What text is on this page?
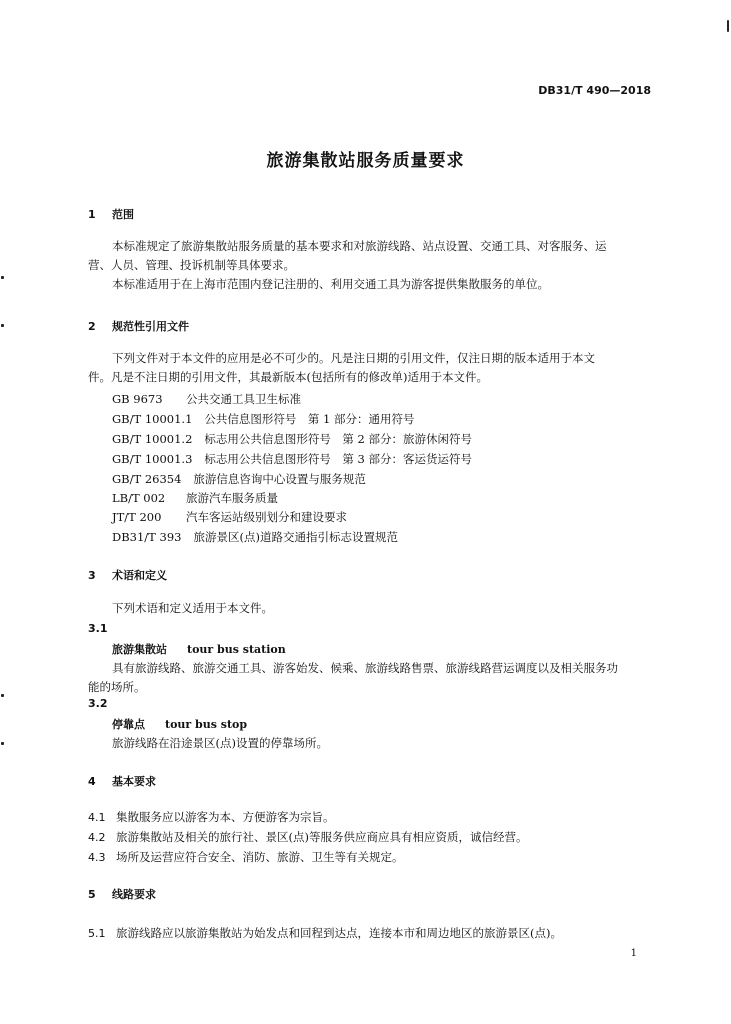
DB31/T 490—2018
旅游集散站服务质量要求
1 范围
本标准规定了旅游集散站服务质量的基本要求和对旅游线路、站点设置、交通工具、对客服务、运
营、人员、管理、投诉机制等具体要求。
本标准适用于在上海市范围内登记注册的、利用交通工具为游客提供集散服务的单位。
2 规范性引用文件
下列文件对于本文件的应用是必不可少的。凡是注日期的引用文件，仅注日期的版本适用于本文
件。凡是不注日期的引用文件，其最新版本(包括所有的修改单)适用于本文件。
GB 9673 公共交通工具卫生标准
GB/T 10001.1 公共信息图形符号　第 1 部分：通用符号
GB/T 10001.2 标志用公共信息图形符号　第 2 部分：旅游休闲符号
GB/T 10001.3 标志用公共信息图形符号　第 3 部分：客运货运符号
GB/T 26354 旅游信息咨询中心设置与服务规范
LB/T 002 旅游汽车服务质量
JT/T 200 汽车客运站级别划分和建设要求
DB31/T 393 旅游景区(点)道路交通指引标志设置规范
3 术语和定义
下列术语和定义适用于本文件。
3.1
旅游集散站 tour bus station
具有旅游线路、旅游交通工具、游客始发、候乘、旅游线路售票、旅游线路营运调度以及相关服务功
能的场所。
3.2
停靠点 tour bus stop
旅游线路在沿途景区(点)设置的停靠场所。
4 基本要求
4.1 集散服务应以游客为本、方便游客为宗旨。
4.2 旅游集散站及相关的旅行社、景区(点)等服务供应商应具有相应资质，诚信经营。
4.3 场所及运营应符合安全、消防、旅游、卫生等有关规定。
5 线路要求
5.1 旅游线路应以旅游集散站为始发点和回程到达点，连接本市和周边地区的旅游景区(点)。
1
